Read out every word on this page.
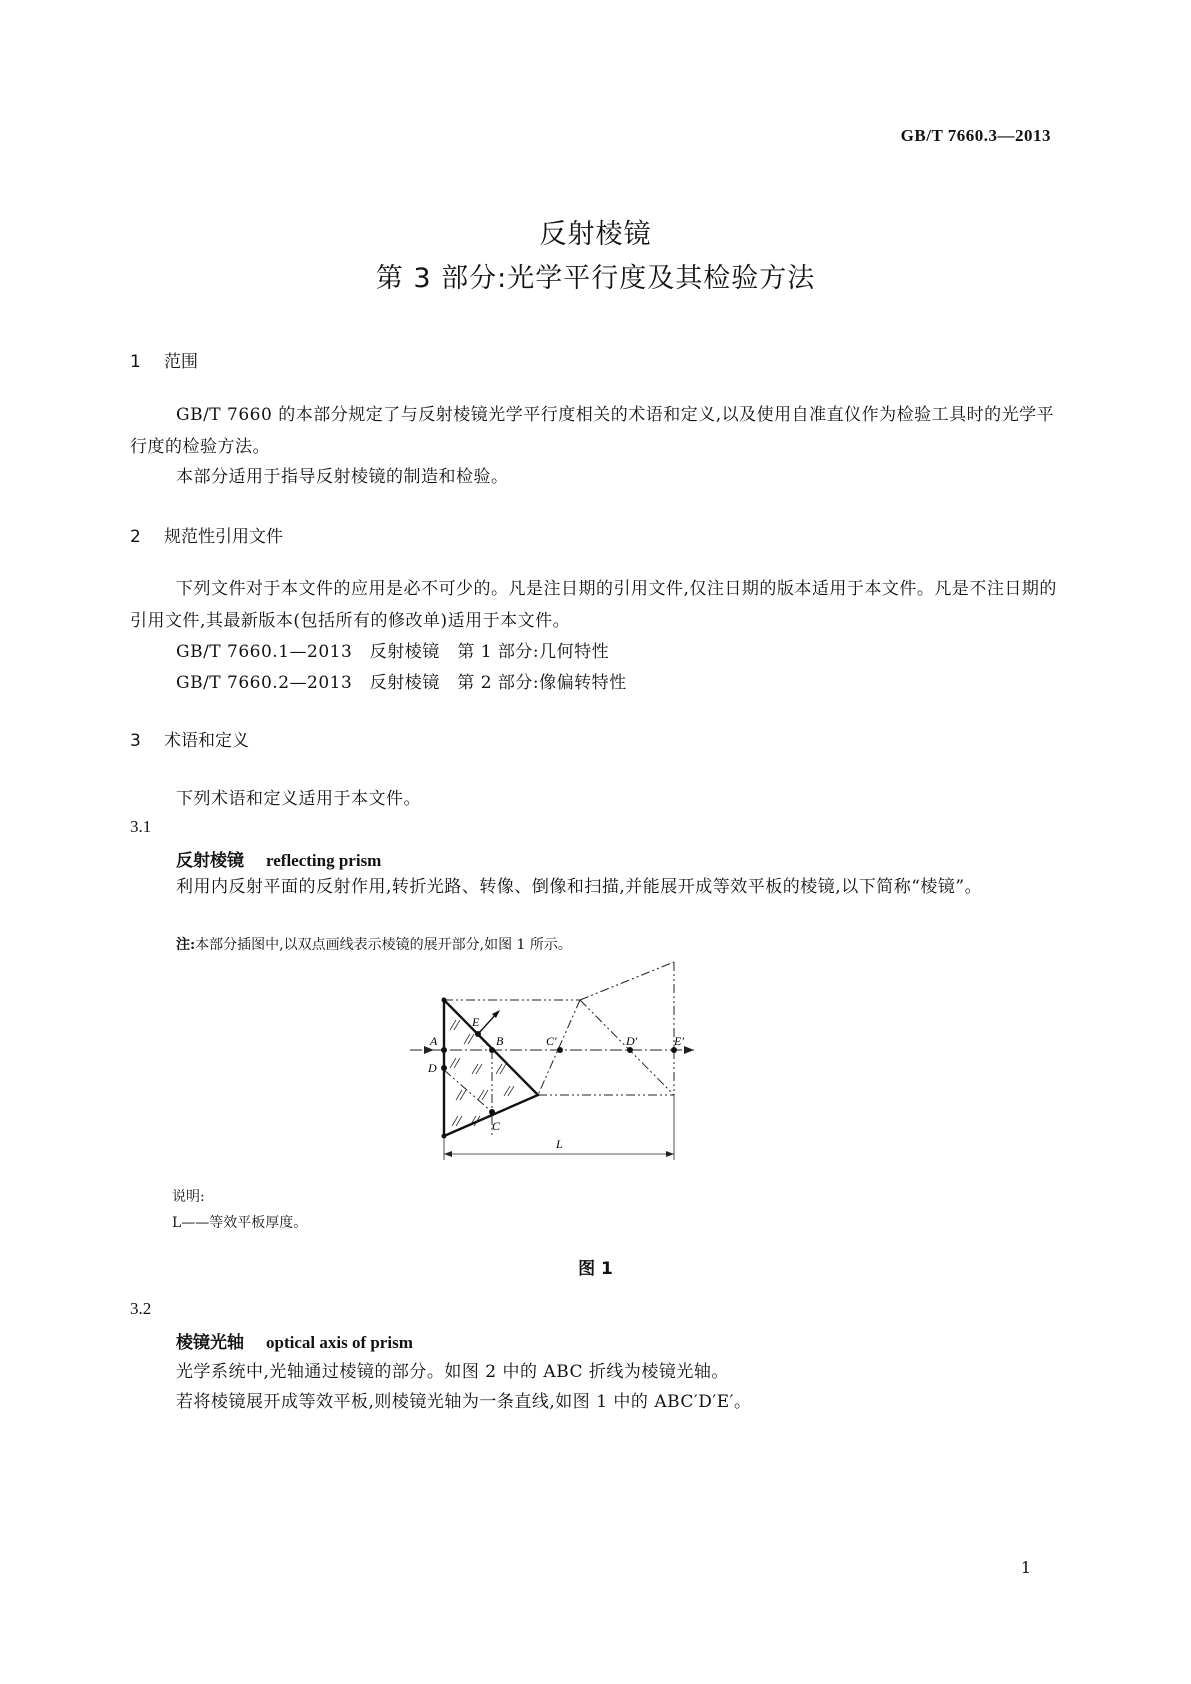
GB/T 7660.3—2013
反射棱镜
第 3 部分:光学平行度及其检验方法
1 范围
GB/T 7660 的本部分规定了与反射棱镜光学平行度相关的术语和定义,以及使用自准直仪作为检验工具时的光学平行度的检验方法。
本部分适用于指导反射棱镜的制造和检验。
2 规范性引用文件
下列文件对于本文件的应用是必不可少的。凡是注日期的引用文件,仅注日期的版本适用于本文件。凡是不注日期的引用文件,其最新版本(包括所有的修改单)适用于本文件。
GB/T 7660.1—2013　反射棱镜　第 1 部分:几何特性
GB/T 7660.2—2013　反射棱镜　第 2 部分:像偏转特性
3 术语和定义
下列术语和定义适用于本文件。
3.1
反射棱镜 reflecting prism
利用内反射平面的反射作用,转折光路、转像、倒像和扫描,并能展开成等效平板的棱镜,以下简称“棱镜”。
注:本部分插图中,以双点画线表示棱镜的展开部分,如图 1 所示。
A	B
C
D
E
C′	D′	E′
L
说明:
L——等效平板厚度。
图 1
3.2
棱镜光轴 optical axis of prism
光学系统中,光轴通过棱镜的部分。如图 2 中的 ABC 折线为棱镜光轴。
若将棱镜展开成等效平板,则棱镜光轴为一条直线,如图 1 中的 ABC′D′E′。
1
